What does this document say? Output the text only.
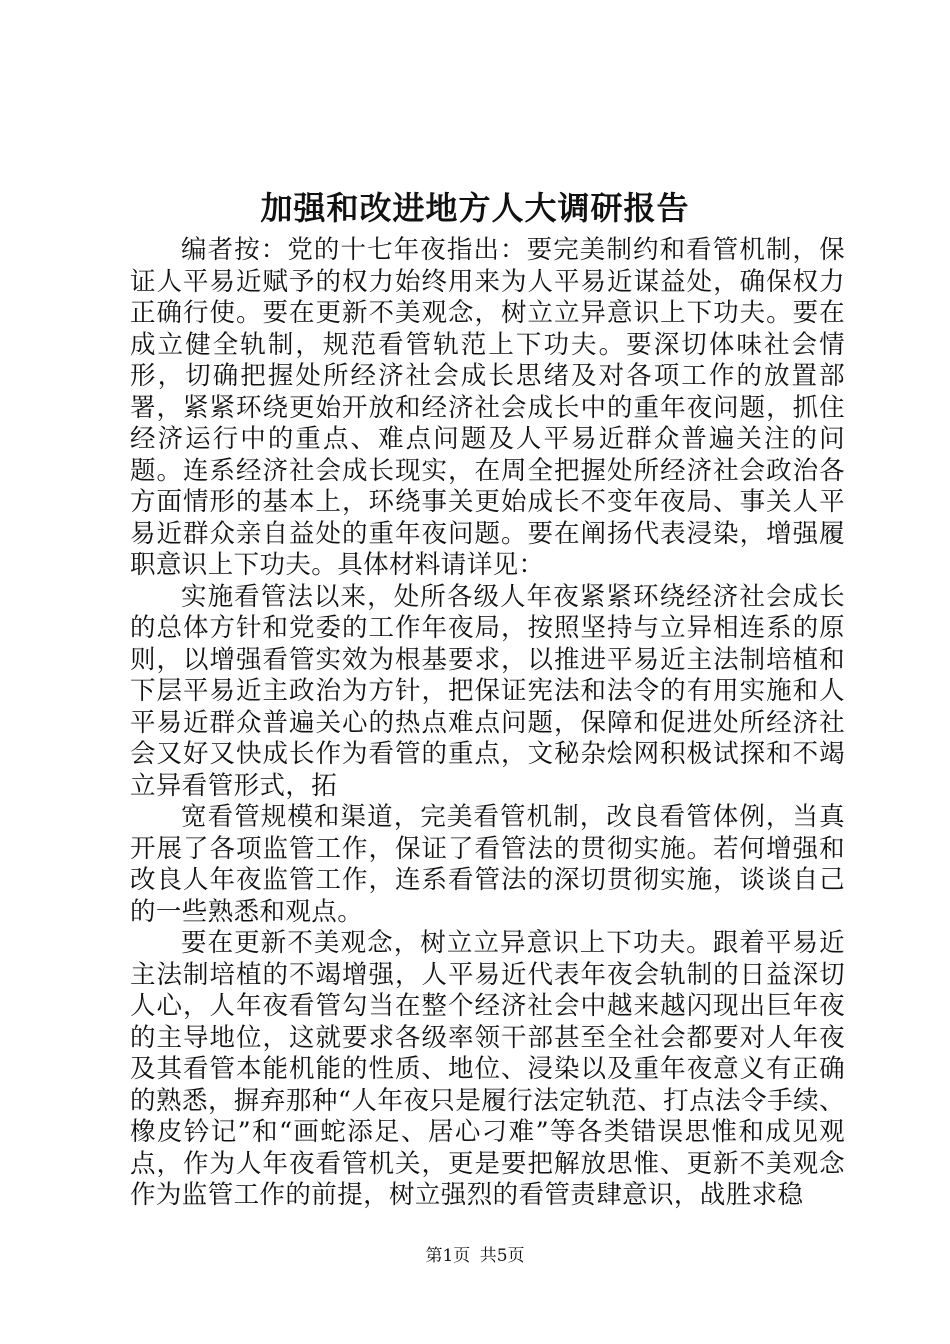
加强和改进地方人大调研报告

编者按：党的十七年夜指出：要完美制约和看管机制，保证人平易近赋予的权力始终用来为人平易近谋益处，确保权力正确行使。要在更新不美观念，树立立异意识上下功夫。要在成立健全轨制，规范看管轨范上下功夫。要深切体味社会情形，切确把握处所经济社会成长思绪及对各项工作的放置部署，紧紧环绕更始开放和经济社会成长中的重年夜问题，抓住经济运行中的重点、难点问题及人平易近群众普遍关注的问题。连系经济社会成长现实，在周全把握处所经济社会政治各方面情形的基本上，环绕事关更始成长不变年夜局、事关人平易近群众亲自益处的重年夜问题。要在阐扬代表浸染，增强履职意识上下功夫。具体材料请详见：

实施看管法以来，处所各级人年夜紧紧环绕经济社会成长的总体方针和党委的工作年夜局，按照坚持与立异相连系的原则，以增强看管实效为根基要求，以推进平易近主法制培植和下层平易近主政治为方针，把保证宪法和法令的有用实施和人平易近群众普遍关心的热点难点问题，保障和促进处所经济社会又好又快成长作为看管的重点，文秘杂烩网积极试探和不竭立异看管形式，拓

宽看管规模和渠道，完美看管机制，改良看管体例，当真开展了各项监管工作，保证了看管法的贯彻实施。若何增强和改良人年夜监管工作，连系看管法的深切贯彻实施，谈谈自己的一些熟悉和观点。

要在更新不美观念，树立立异意识上下功夫。跟着平易近主法制培植的不竭增强，人平易近代表年夜会轨制的日益深切人心，人年夜看管勾当在整个经济社会中越来越闪现出巨年夜的主导地位，这就要求各级率领干部甚至全社会都要对人年夜及其看管本能机能的性质、地位、浸染以及重年夜意义有正确的熟悉，摒弃那种“人年夜只是履行法定轨范、打点法令手续、橡皮钤记”和“画蛇添足、居心刁难”等各类错误思惟和成见观点，作为人年夜看管机关，更是要把解放思惟、更新不美观念作为监管工作的前提，树立强烈的看管责肆意识，战胜求稳

第1页 共5页
